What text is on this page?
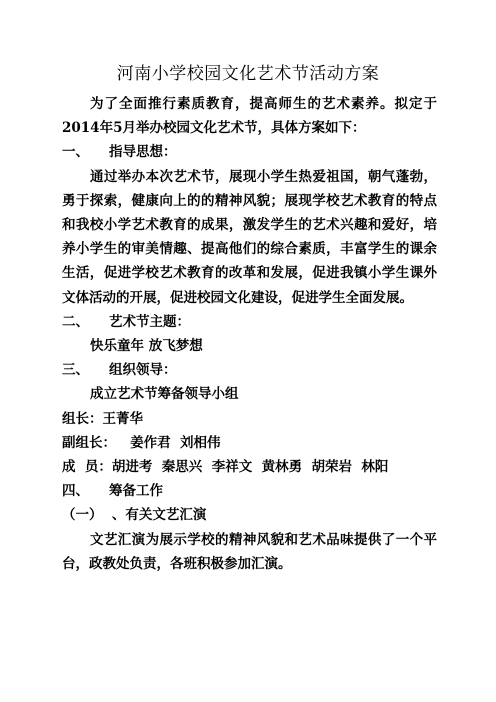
河南小学校园文化艺术节活动方案

为了全面推行素质教育，提高师生的艺术素养。拟定于2014年5月举办校园文化艺术节，具体方案如下：

一、 指导思想：

通过举办本次艺术节，展现小学生热爱祖国，朝气蓬勃，勇于探索，健康向上的的精神风貌；展现学校艺术教育的特点和我校小学艺术教育的成果，激发学生的艺术兴趣和爱好，培养小学生的审美情趣、提高他们的综合素质，丰富学生的课余生活，促进学校艺术教育的改革和发展，促进我镇小学生课外文体活动的开展，促进校园文化建设，促进学生全面发展。

二、 艺术节主题：

快乐童年 放飞梦想

三、 组织领导：

成立艺术节筹备领导小组

组长：王菁华

副组长：   姜作君  刘相伟

成  员：胡进考  秦思兴  李祥文  黄林勇  胡荣岩  林阳

四、 筹备工作

（一）  、有关文艺汇演

文艺汇演为展示学校的精神风貌和艺术品味提供了一个平台，政教处负责，各班积极参加汇演。
